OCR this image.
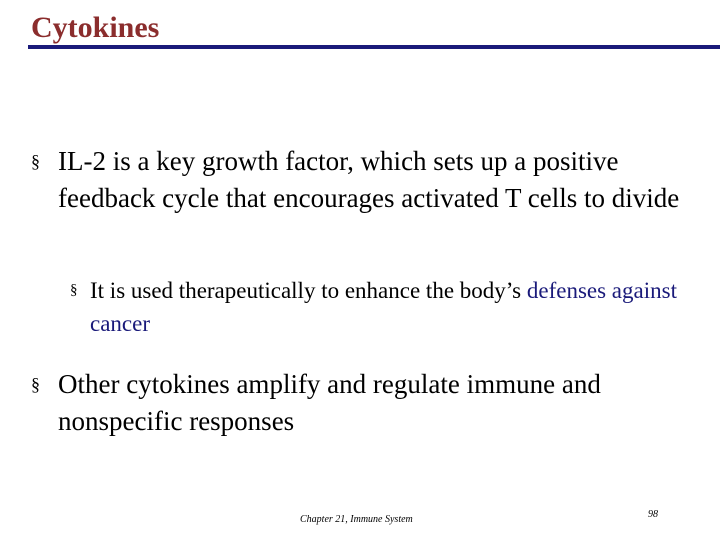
Cytokines
§ IL-2 is a key growth factor, which sets up a positive feedback cycle that encourages activated T cells to divide
§ It is used therapeutically to enhance the body’s defenses against cancer
§ Other cytokines amplify and regulate immune and nonspecific responses
Chapter 21, Immune System	98
